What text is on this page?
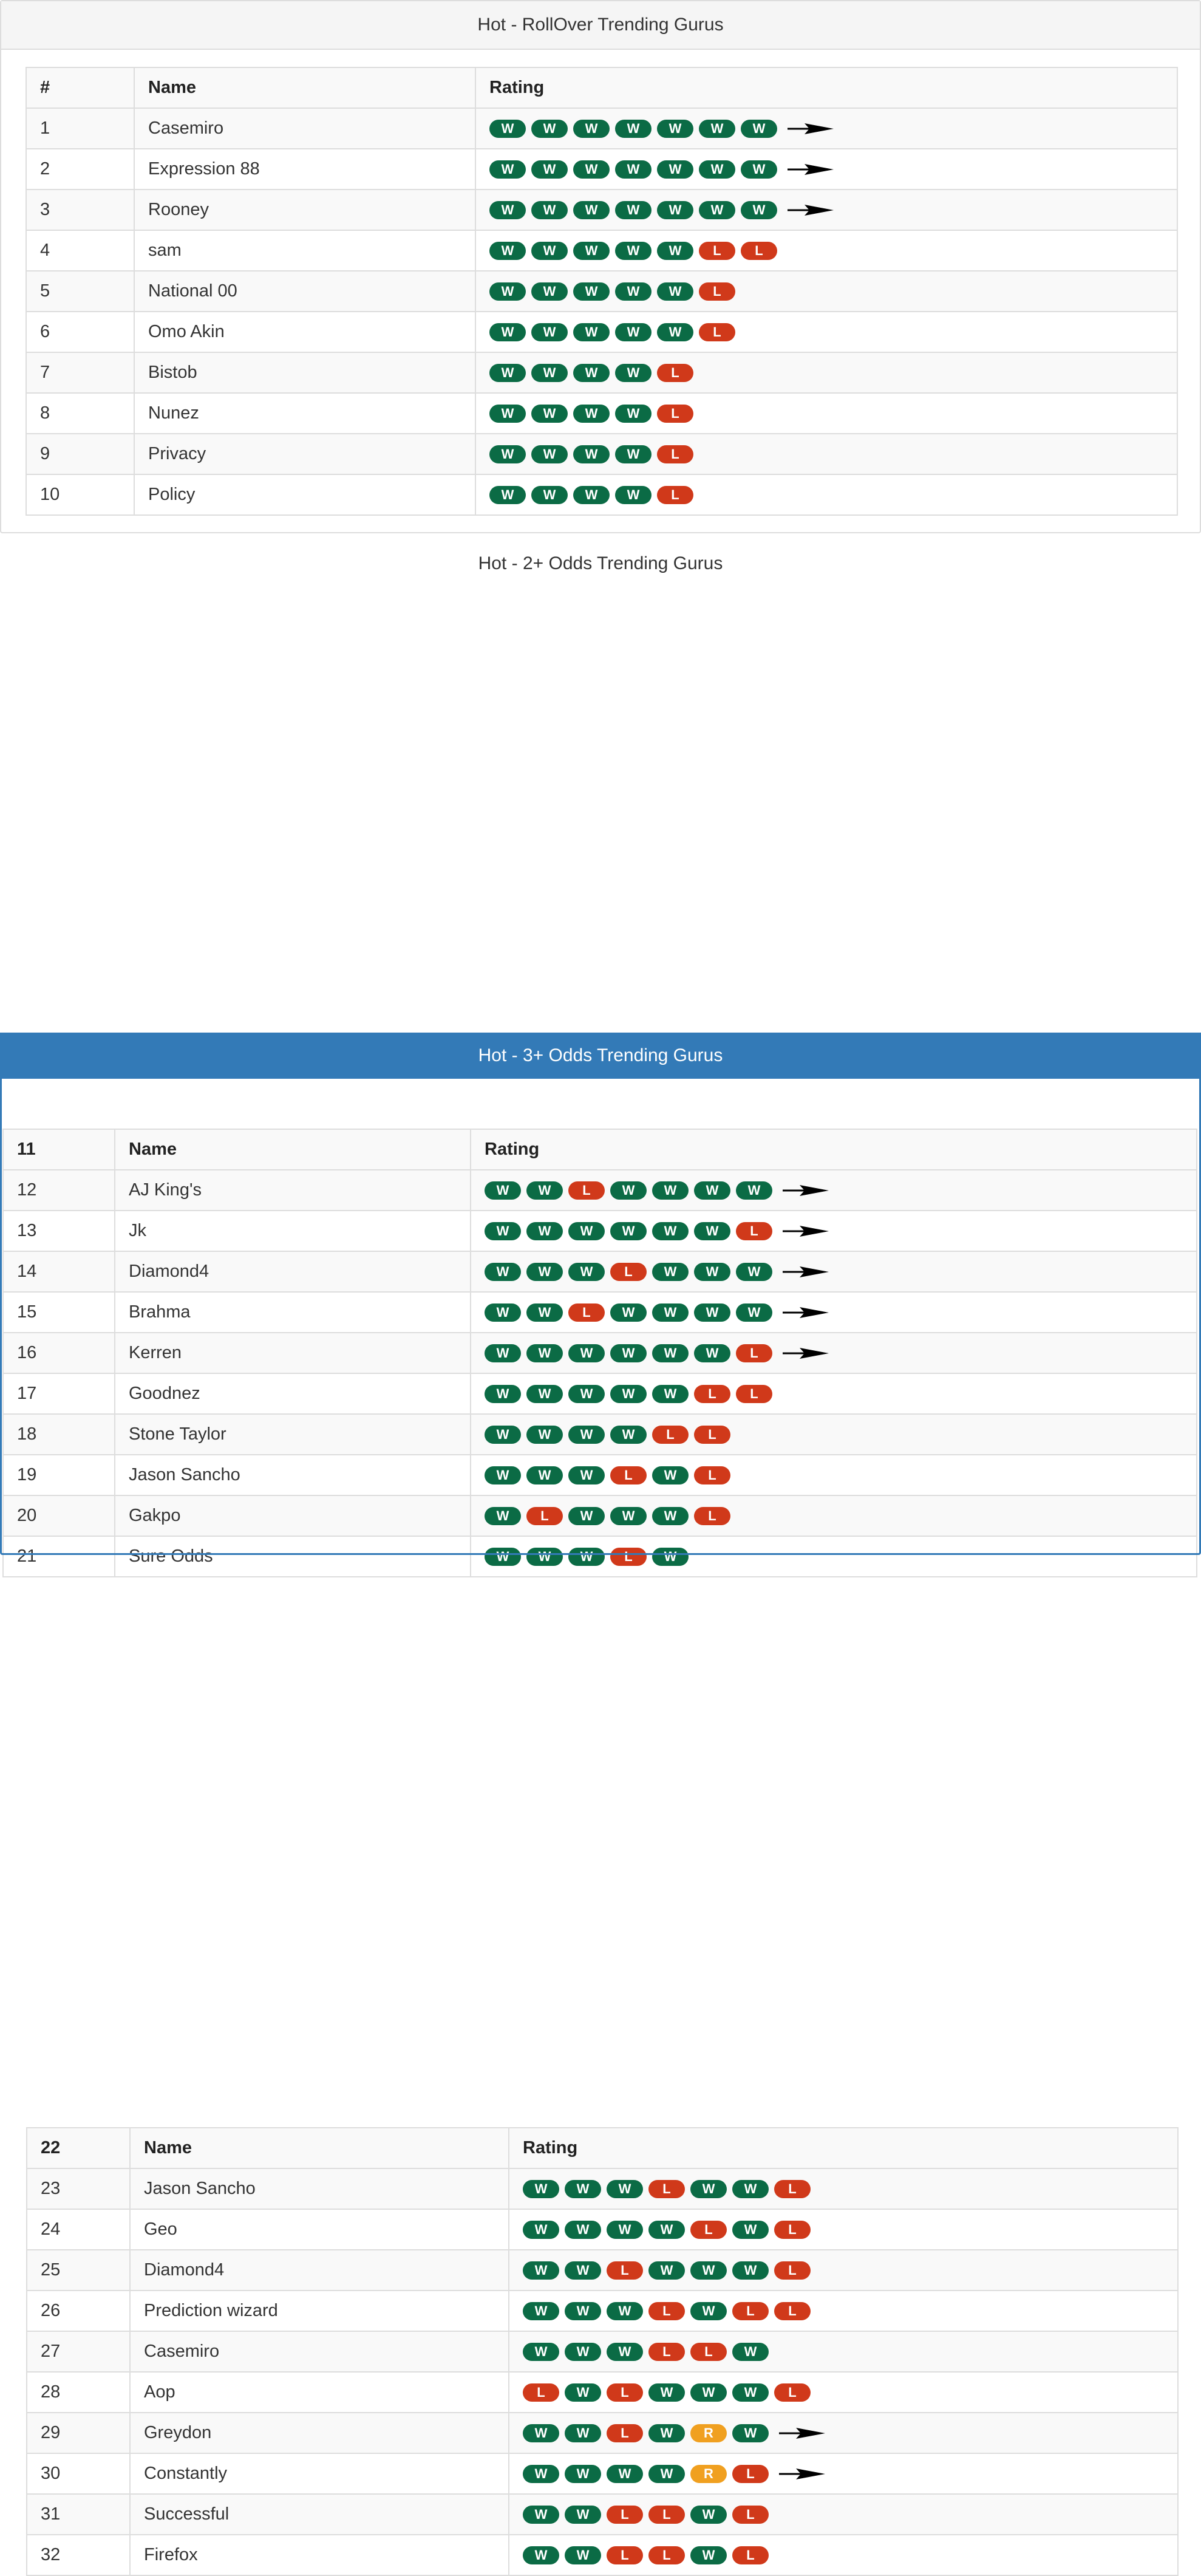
Hot - RollOver Trending Gurus
#	Name	Rating
1	Casemiro	W W W W W W W
2	Expression 88	W W W W W W W
3	Rooney	W W W W W W W
4	sam	W W W W W L L
5	National 00	W W W W W L
6	Omo Akin	W W W W W L
7	Bistob	W W W W L
8	Nunez	W W W W L
9	Privacy	W W W W L
10	Policy	W W W W L
Hot - 2+ Odds Trending Gurus
11	Name	Rating
12	AJ King's	W W L W W W W
13	Jk	W W W W W W L
14	Diamond4	W W W L W W W
15	Brahma	W W L W W W W
16	Kerren	W W W W W W L
17	Goodnez	W W W W W L L
18	Stone Taylor	W W W W L L
19	Jason Sancho	W W W L W L
20	Gakpo	W L W W W L
21	Sure Odds	W W W L W
Hot - 3+ Odds Trending Gurus
22	Name	Rating
23	Jason Sancho	W W W L W W L
24	Geo	W W W W L W L
25	Diamond4	W W L W W W L
26	Prediction wizard	W W W L W L L
27	Casemiro	W W W L L W
28	Aop	L W L W W W L
29	Greydon	W W L W R W
30	Constantly	W W W W R L
31	Successful	W W L L W L
32	Firefox	W W L L W L
